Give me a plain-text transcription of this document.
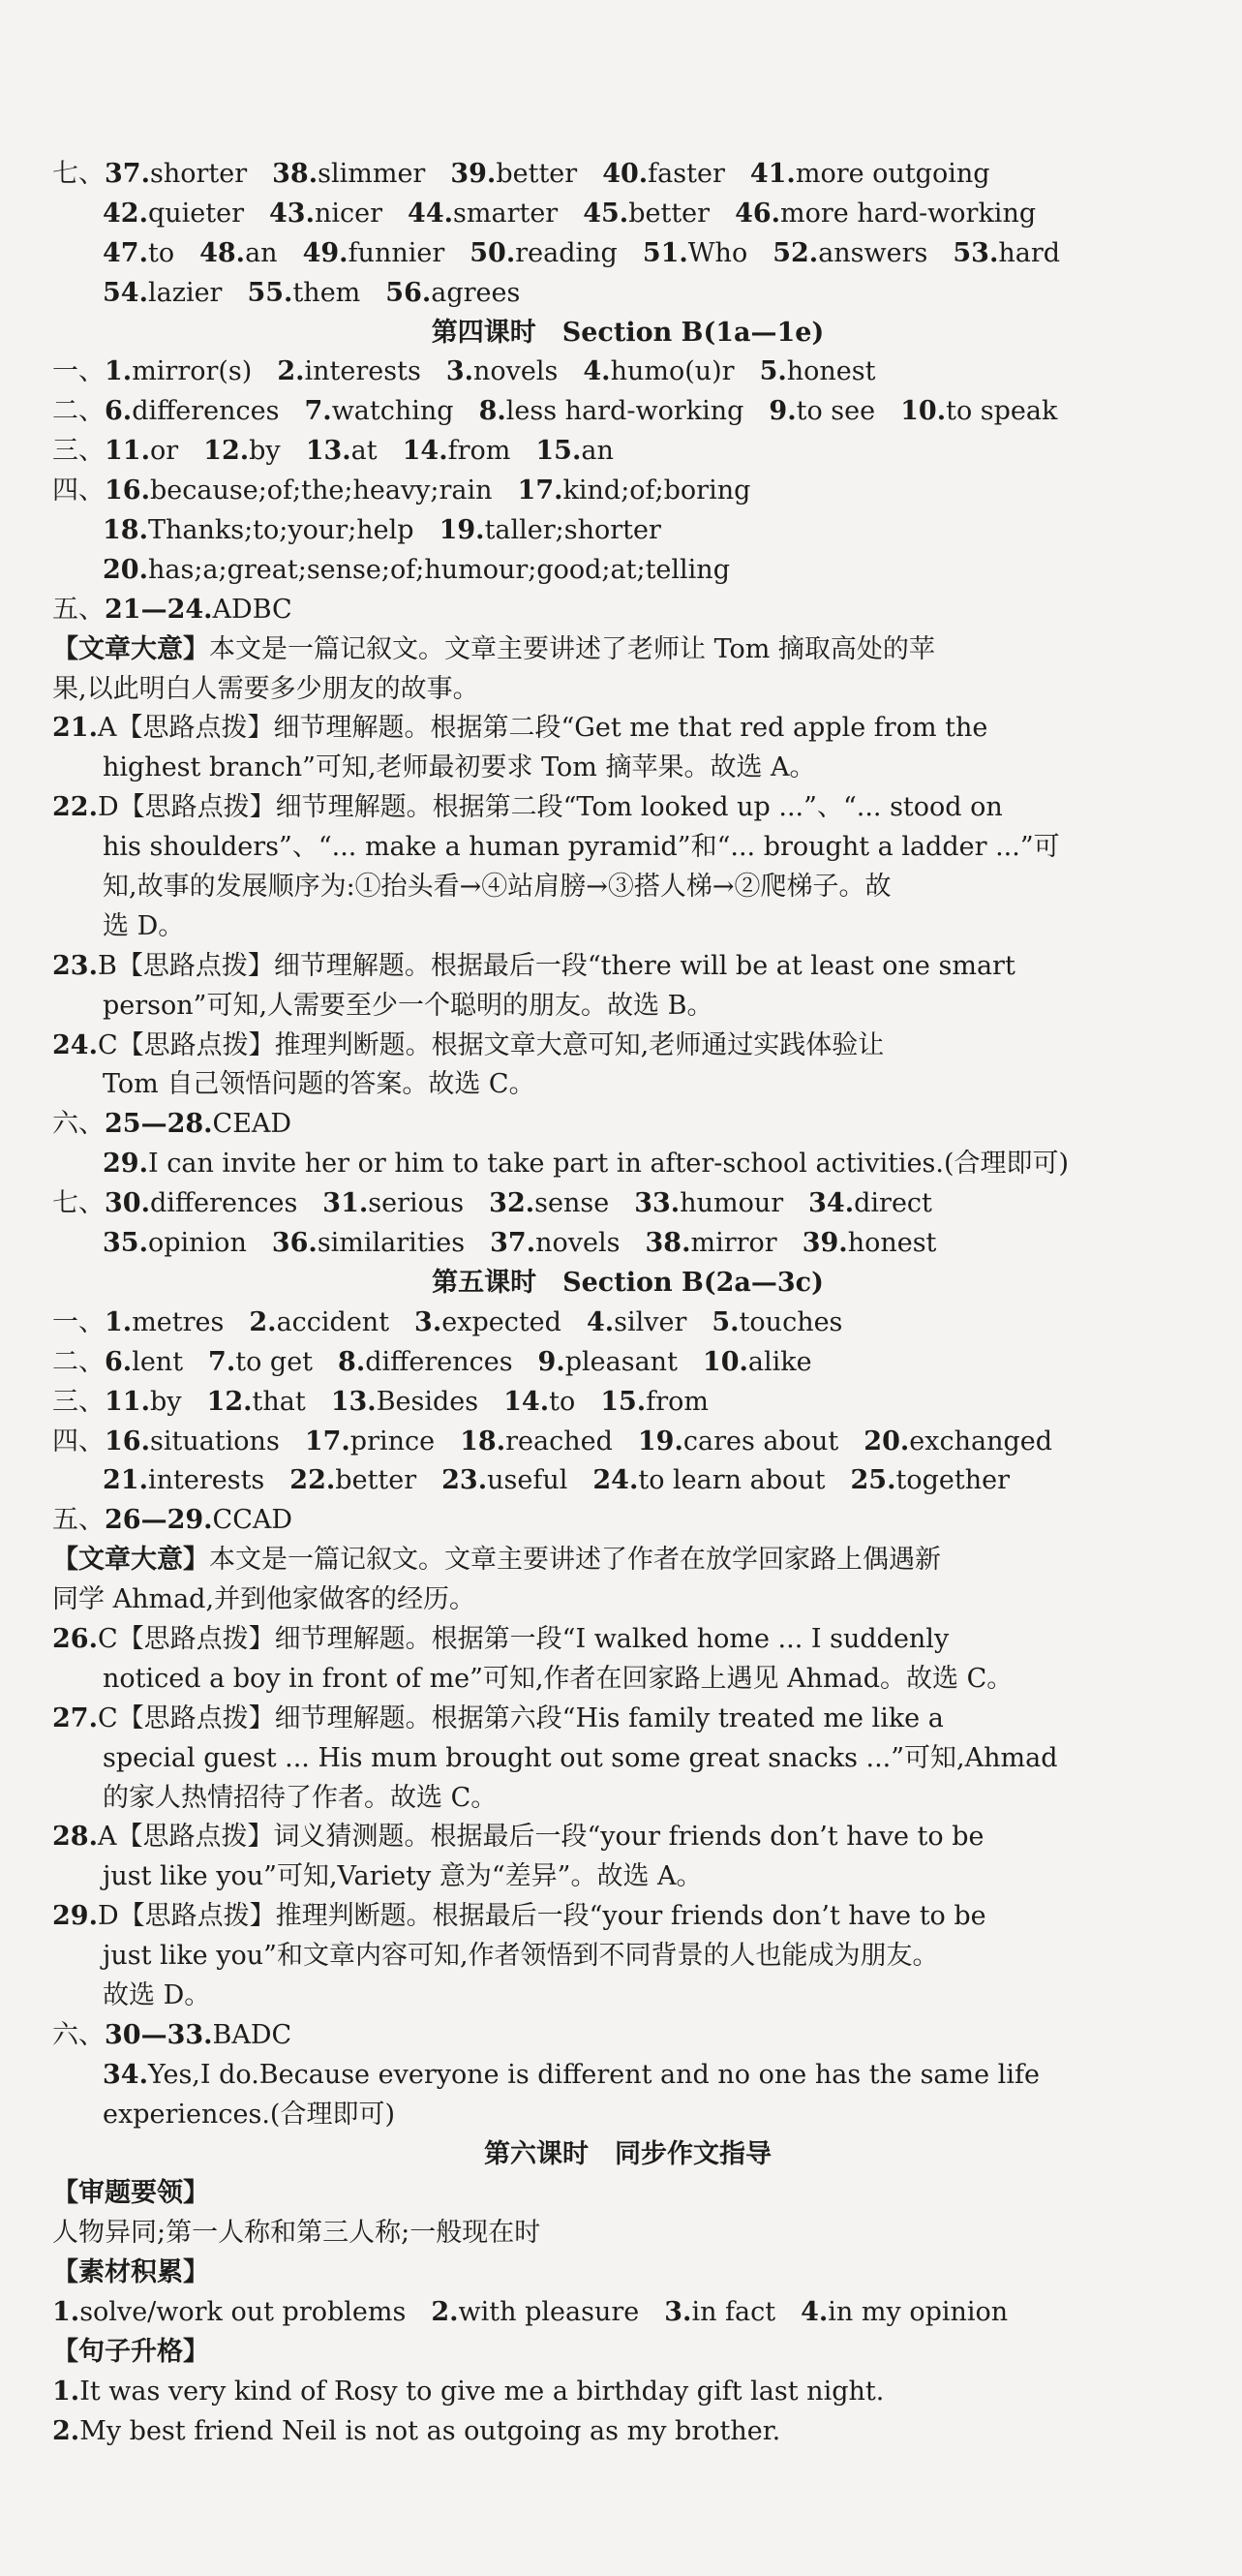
七、37.shorter 38.slimmer 39.better 40.faster 41.more outgoing
42.quieter 43.nicer 44.smarter 45.better 46.more hard-working
47.to 48.an 49.funnier 50.reading 51.Who 52.answers 53.hard
54.lazier 55.them 56.agrees
第四课时　Section B(1a—1e)
一、1.mirror(s) 2.interests 3.novels 4.humo(u)r 5.honest
二、6.differences 7.watching 8.less hard-working 9.to see 10.to speak
三、11.or 12.by 13.at 14.from 15.an
四、16.because;of;the;heavy;rain 17.kind;of;boring
18.Thanks;to;your;help 19.taller;shorter
20.has;a;great;sense;of;humour;good;at;telling
五、21—24.ADBC
【文章大意】本文是一篇记叙文。文章主要讲述了老师让 Tom 摘取高处的苹
果,以此明白人需要多少朋友的故事。
21.A【思路点拨】细节理解题。根据第二段“Get me that red apple from the
highest branch”可知,老师最初要求 Tom 摘苹果。故选 A。
22.D【思路点拨】细节理解题。根据第二段“Tom looked up ...”、“... stood on
his shoulders”、“... make a human pyramid”和“... brought a ladder ...”可
知,故事的发展顺序为:①抬头看→④站肩膀→③搭人梯→②爬梯子。故
选 D。
23.B【思路点拨】细节理解题。根据最后一段“there will be at least one smart
person”可知,人需要至少一个聪明的朋友。故选 B。
24.C【思路点拨】推理判断题。根据文章大意可知,老师通过实践体验让
Tom 自己领悟问题的答案。故选 C。
六、25—28.CEAD
29.I can invite her or him to take part in after-school activities.(合理即可)
七、30.differences 31.serious 32.sense 33.humour 34.direct
35.opinion 36.similarities 37.novels 38.mirror 39.honest
第五课时　Section B(2a—3c)
一、1.metres 2.accident 3.expected 4.silver 5.touches
二、6.lent 7.to get 8.differences 9.pleasant 10.alike
三、11.by 12.that 13.Besides 14.to 15.from
四、16.situations 17.prince 18.reached 19.cares about 20.exchanged
21.interests 22.better 23.useful 24.to learn about 25.together
五、26—29.CCAD
【文章大意】本文是一篇记叙文。文章主要讲述了作者在放学回家路上偶遇新
同学 Ahmad,并到他家做客的经历。
26.C【思路点拨】细节理解题。根据第一段“I walked home ... I suddenly
noticed a boy in front of me”可知,作者在回家路上遇见 Ahmad。故选 C。
27.C【思路点拨】细节理解题。根据第六段“His family treated me like a
special guest ... His mum brought out some great snacks ...”可知,Ahmad
的家人热情招待了作者。故选 C。
28.A【思路点拨】词义猜测题。根据最后一段“your friends don’t have to be
just like you”可知,Variety 意为“差异”。故选 A。
29.D【思路点拨】推理判断题。根据最后一段“your friends don’t have to be
just like you”和文章内容可知,作者领悟到不同背景的人也能成为朋友。
故选 D。
六、30—33.BADC
34.Yes,I do.Because everyone is different and no one has the same life
experiences.(合理即可)
第六课时　同步作文指导
【审题要领】
人物异同;第一人称和第三人称;一般现在时
【素材积累】
1.solve/work out problems 2.with pleasure 3.in fact 4.in my opinion
【句子升格】
1.It was very kind of Rosy to give me a birthday gift last night.
2.My best friend Neil is not as outgoing as my brother.
